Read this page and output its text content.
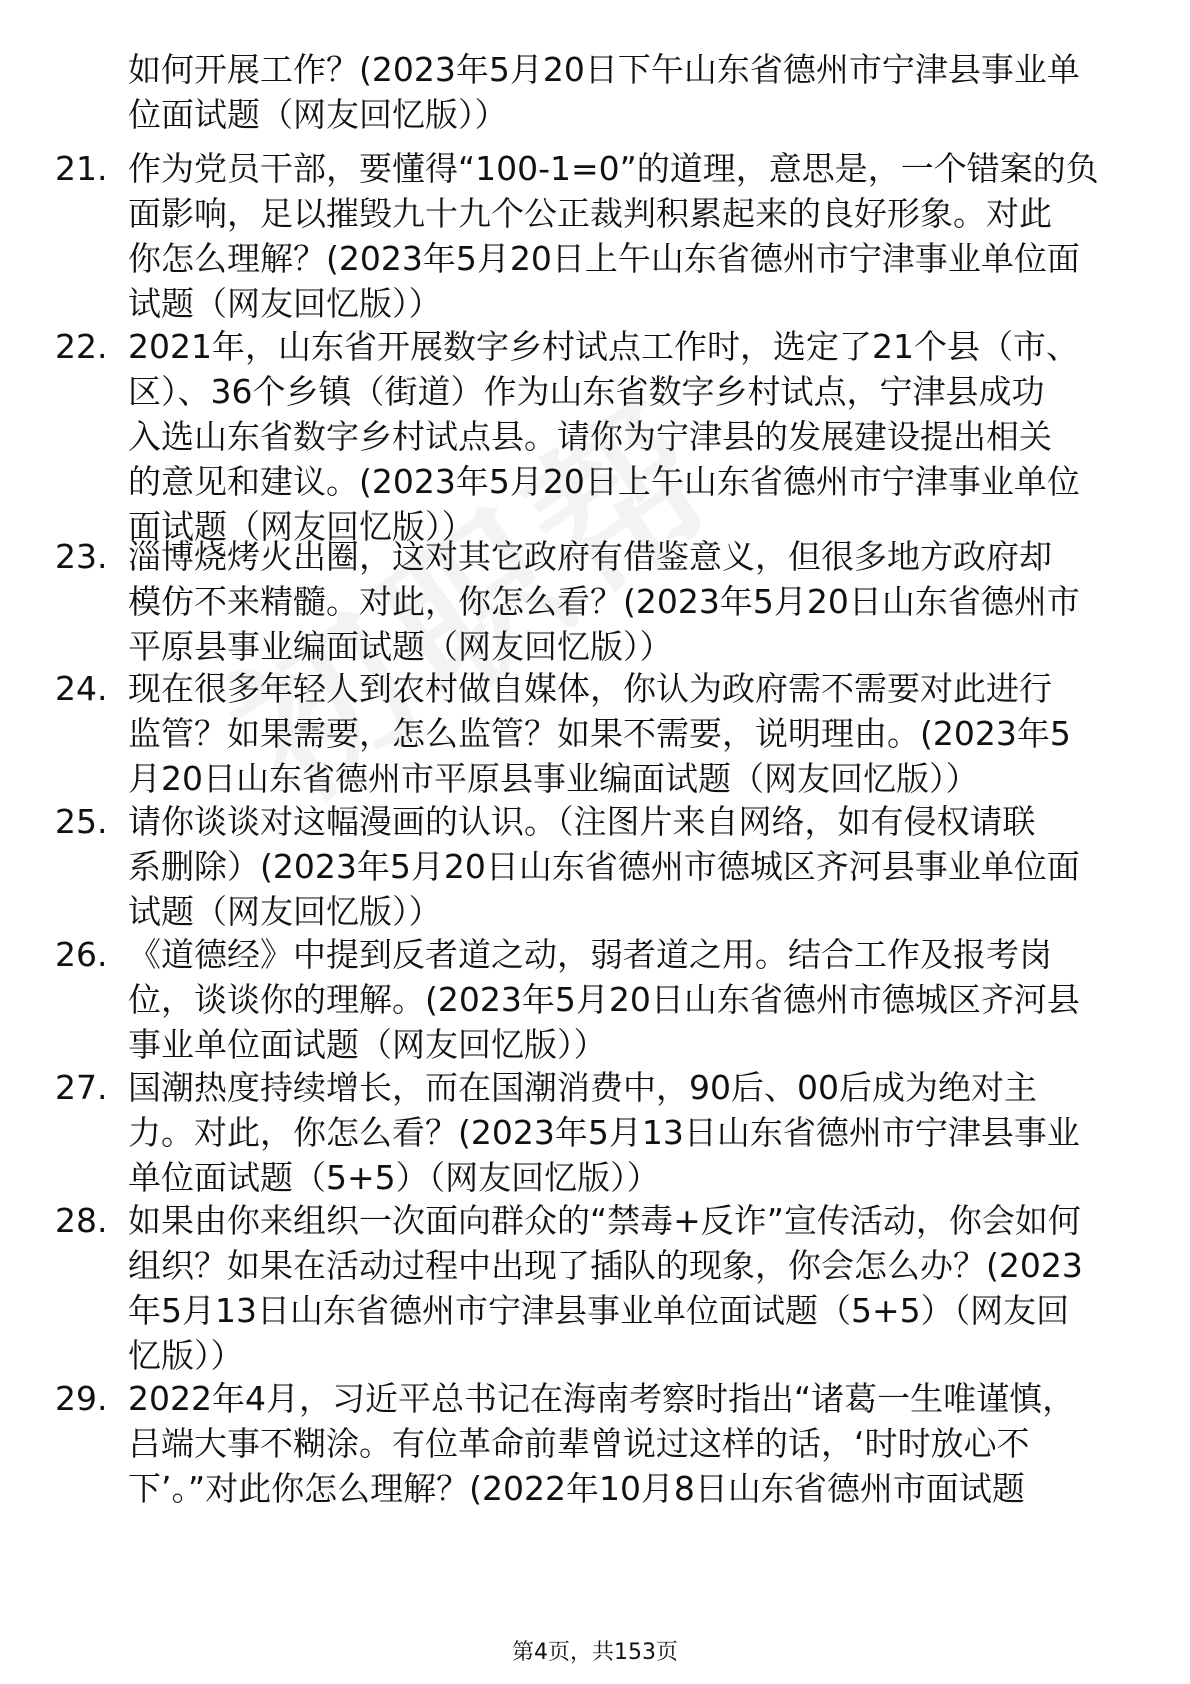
如何开展工作？(2023年5月20日下午山东省德州市宁津县事业单
位面试题（网友回忆版））
21. 作为党员干部，要懂得“100-1=0”的道理，意思是，一个错案的负
面影响，足以摧毁九十九个公正裁判积累起来的良好形象。对此
你怎么理解？(2023年5月20日上午山东省德州市宁津事业单位面
试题（网友回忆版））
22. 2021年，山东省开展数字乡村试点工作时，选定了21个县（市、
区）、36个乡镇（街道）作为山东省数字乡村试点，宁津县成功
入选山东省数字乡村试点县。请你为宁津县的发展建设提出相关
的意见和建议。(2023年5月20日上午山东省德州市宁津事业单位
面试题（网友回忆版））
23. 淄博烧烤火出圈，这对其它政府有借鉴意义，但很多地方政府却
模仿不来精髓。对此，你怎么看？(2023年5月20日山东省德州市
平原县事业编面试题（网友回忆版））
24. 现在很多年轻人到农村做自媒体，你认为政府需不需要对此进行
监管？如果需要，怎么监管？如果不需要，说明理由。(2023年5
月20日山东省德州市平原县事业编面试题（网友回忆版））
25. 请你谈谈对这幅漫画的认识。（注图片来自网络，如有侵权请联
系删除）(2023年5月20日山东省德州市德城区齐河县事业单位面
试题（网友回忆版））
26. 《道德经》中提到反者道之动，弱者道之用。结合工作及报考岗
位，谈谈你的理解。(2023年5月20日山东省德州市德城区齐河县
事业单位面试题（网友回忆版））
27. 国潮热度持续增长，而在国潮消费中，90后、00后成为绝对主
力。对此，你怎么看？(2023年5月13日山东省德州市宁津县事业
单位面试题（5+5）（网友回忆版））
28. 如果由你来组织一次面向群众的“禁毒+反诈”宣传活动，你会如何
组织？如果在活动过程中出现了插队的现象，你会怎么办？(2023
年5月13日山东省德州市宁津县事业单位面试题（5+5）（网友回
忆版））
29. 2022年4月，习近平总书记在海南考察时指出“诸葛一生唯谨慎，
吕端大事不糊涂。有位革命前辈曾说过这样的话，‘时时放心不
下’。”对此你怎么理解？(2022年10月8日山东省德州市面试题
第4页，共153页
